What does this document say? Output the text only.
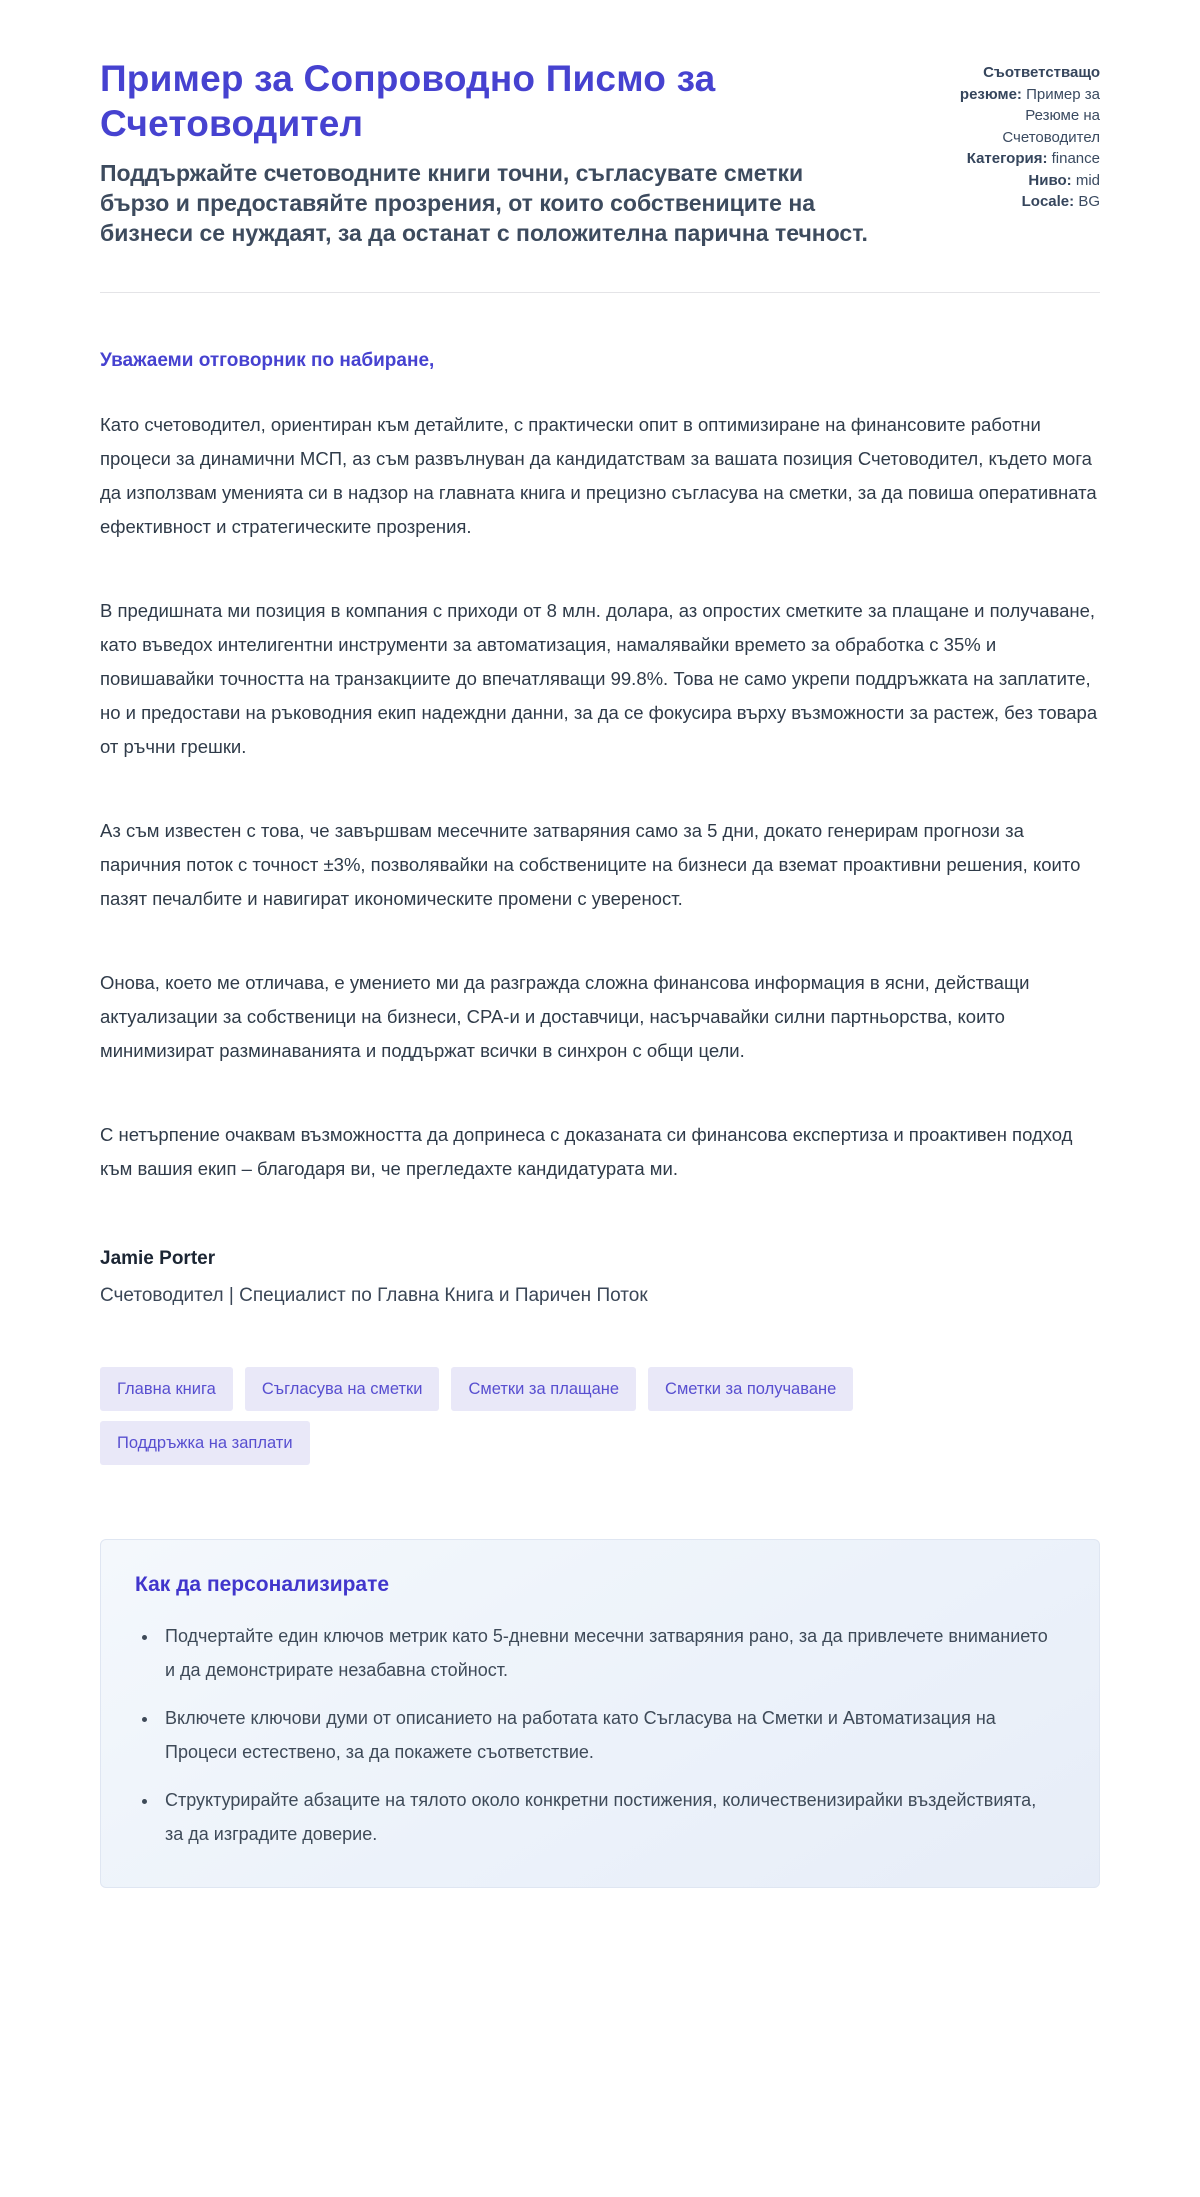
Пример за Сопроводно Писмо за Счетоводител
Поддържайте счетоводните книги точни, съгласувате сметки бързо и предоставяйте прозрения, от които собствениците на бизнеси се нуждаят, за да останат с положителна парична течност.
Съответстващо резюме: Пример за Резюме на Счетоводител
Категория: finance
Ниво: mid
Locale: BG
Уважаеми отговорник по набиране,

Като счетоводител, ориентиран към детайлите, с практически опит в оптимизиране на финансовите работни процеси за динамични МСП, аз съм развълнуван да кандидатствам за вашата позиция Счетоводител, където мога да използвам уменията си в надзор на главната книга и прецизно съгласува на сметки, за да повиша оперативната ефективност и стратегическите прозрения.

В предишната ми позиция в компания с приходи от 8 млн. долара, аз опростих сметките за плащане и получаване, като въведох интелигентни инструменти за автоматизация, намалявайки времето за обработка с 35% и повишавайки точността на транзакциите до впечатляващи 99.8%. Това не само укрепи поддръжката на заплатите, но и предостави на ръководния екип надеждни данни, за да се фокусира върху възможности за растеж, без товара от ръчни грешки.

Аз съм известен с това, че завършвам месечните затваряния само за 5 дни, докато генерирам прогнози за паричния поток с точност ±3%, позволявайки на собствениците на бизнеси да вземат проактивни решения, които пазят печалбите и навигират икономическите промени с увереност.

Онова, което ме отличава, е умението ми да разгражда сложна финансова информация в ясни, действащи актуализации за собственици на бизнеси, CPA-и и доставчици, насърчавайки силни партньорства, които минимизират разминаванията и поддържат всички в синхрон с общи цели.

С нетърпение очаквам възможността да допринеса с доказаната си финансова експертиза и проактивен подход към вашия екип – благодаря ви, че прегледахте кандидатурата ми.

Jamie Porter
Счетоводител | Специалист по Главна Книга и Паричен Поток
Главна книга	Съгласува на сметки	Сметки за плащане	Сметки за получаване
Поддръжка на заплати
Как да персонализирате
• Подчертайте един ключов метрик като 5-дневни месечни затваряния рано, за да привлечете вниманието и да демонстрирате незабавна стойност.
• Включете ключови думи от описанието на работата като Съгласува на Сметки и Автоматизация на Процеси естествено, за да покажете съответствие.
• Структурирайте абзаците на тялото около конкретни постижения, количественизирайки въздействията, за да изградите доверие.
